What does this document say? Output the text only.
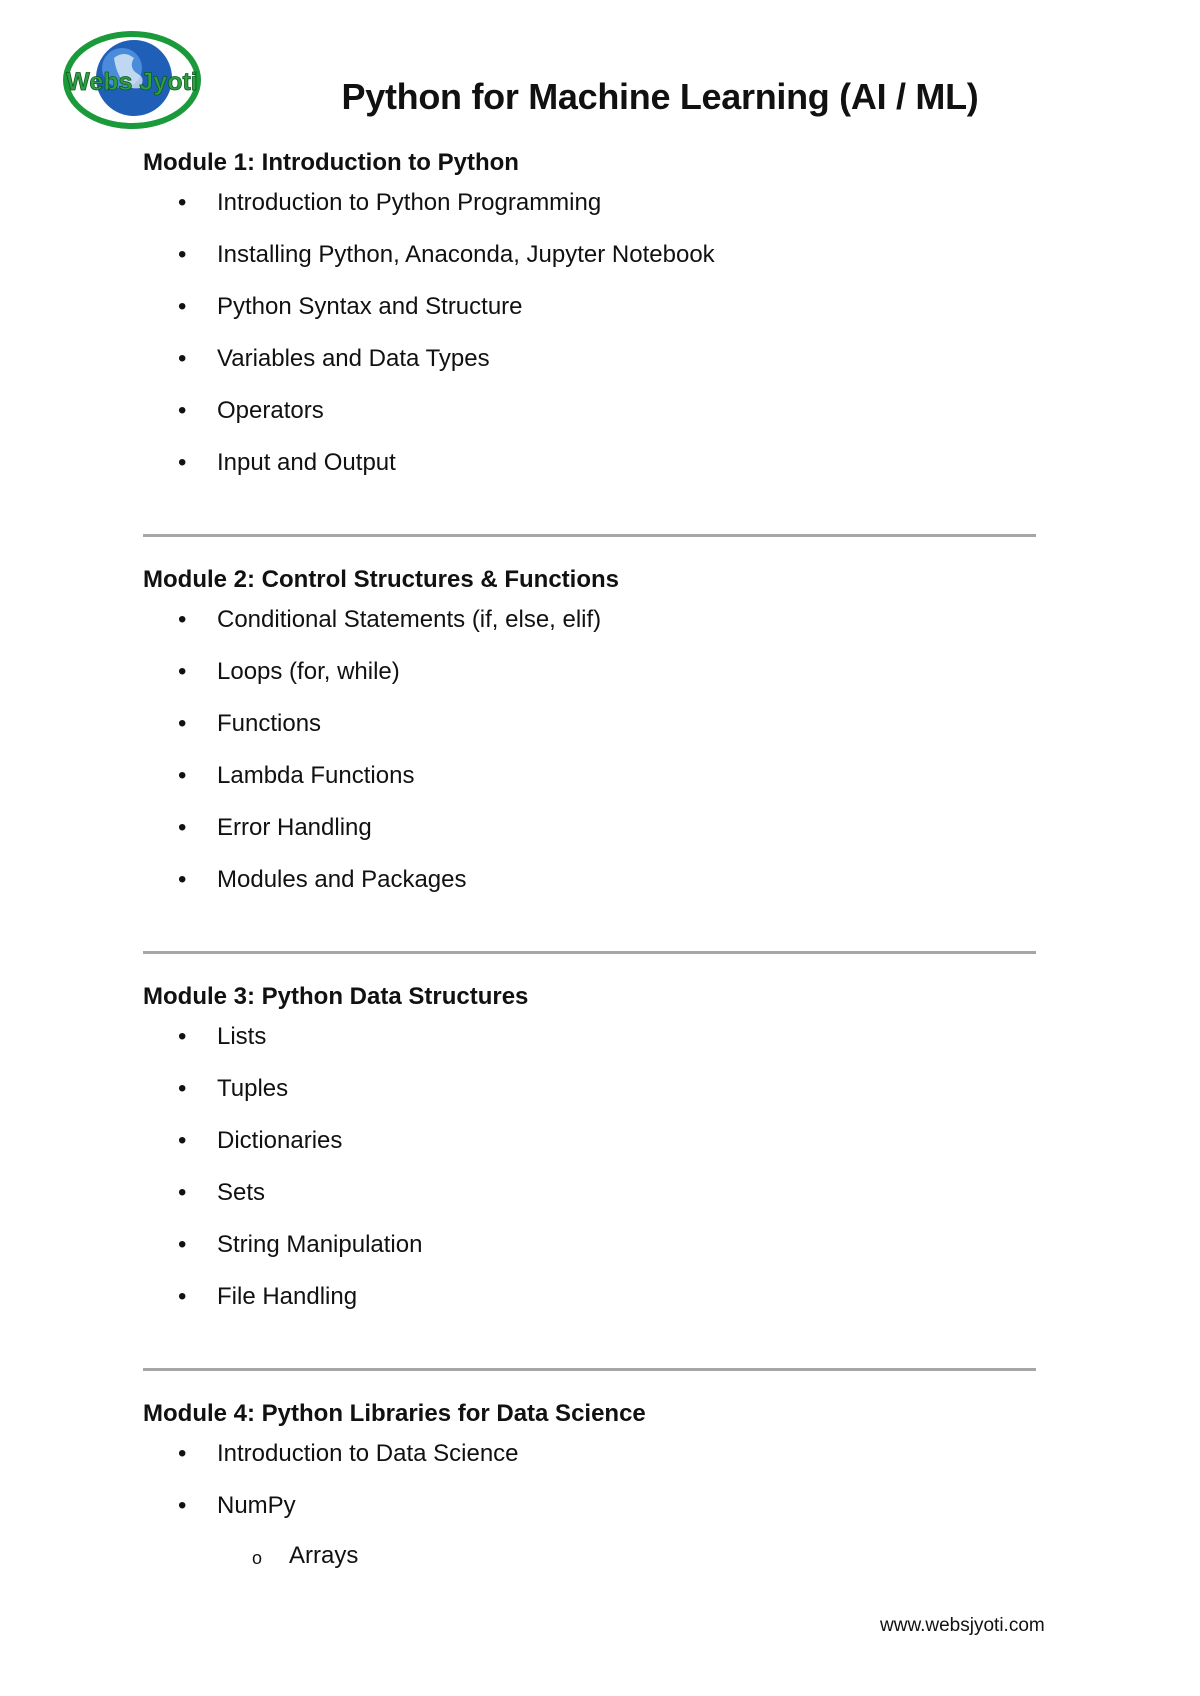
Webs Jyoti	Python for Machine Learning (AI / ML)
Module 1: Introduction to Python
• Introduction to Python Programming
• Installing Python, Anaconda, Jupyter Notebook
• Python Syntax and Structure
• Variables and Data Types
• Operators
• Input and Output
Module 2: Control Structures & Functions
• Conditional Statements (if, else, elif)
• Loops (for, while)
• Functions
• Lambda Functions
• Error Handling
• Modules and Packages
Module 3: Python Data Structures
• Lists
• Tuples
• Dictionaries
• Sets
• String Manipulation
• File Handling
Module 4: Python Libraries for Data Science
• Introduction to Data Science
• NumPy
o Arrays
www.websjyoti.com
